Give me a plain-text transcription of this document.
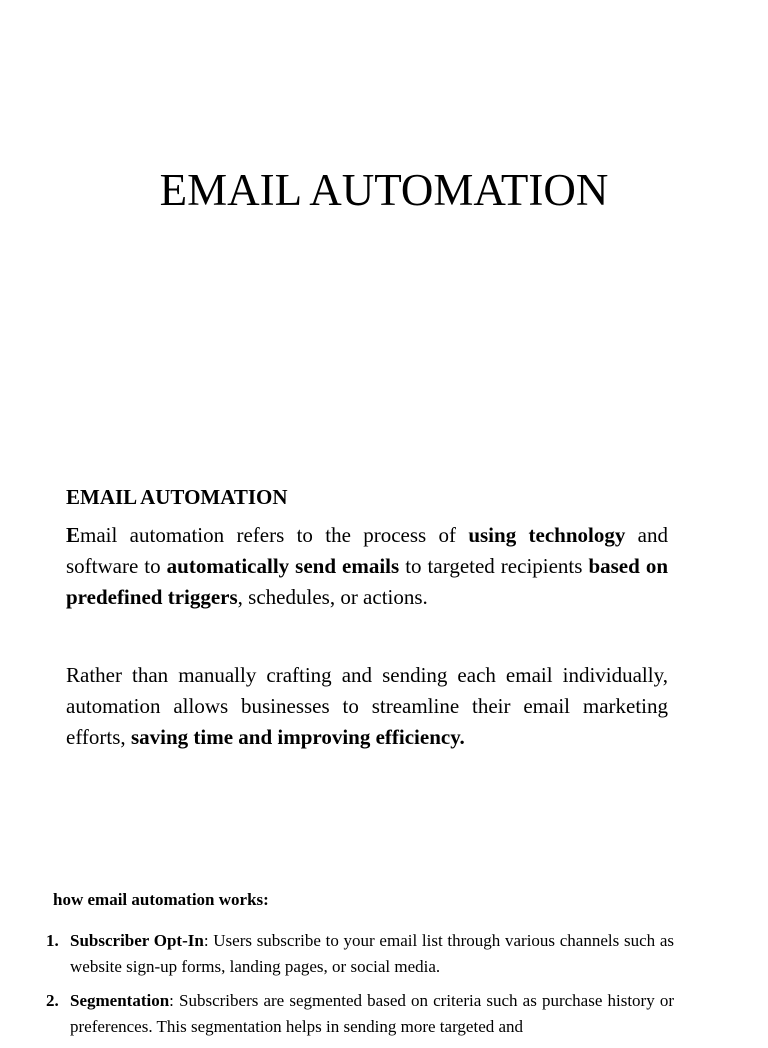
EMAIL AUTOMATION
EMAIL AUTOMATION

Email automation refers to the process of using technology and software to automatically send emails to targeted recipients based on predefined triggers, schedules, or actions.

Rather than manually crafting and sending each email individually, automation allows businesses to streamline their email marketing efforts, saving time and improving efficiency.

how email automation works:
1. Subscriber Opt-In: Users subscribe to your email list through various channels such as website sign-up forms, landing pages, or social media.
2. Segmentation: Subscribers are segmented based on criteria such as purchase history or preferences. This segmentation helps in sending more targeted and
